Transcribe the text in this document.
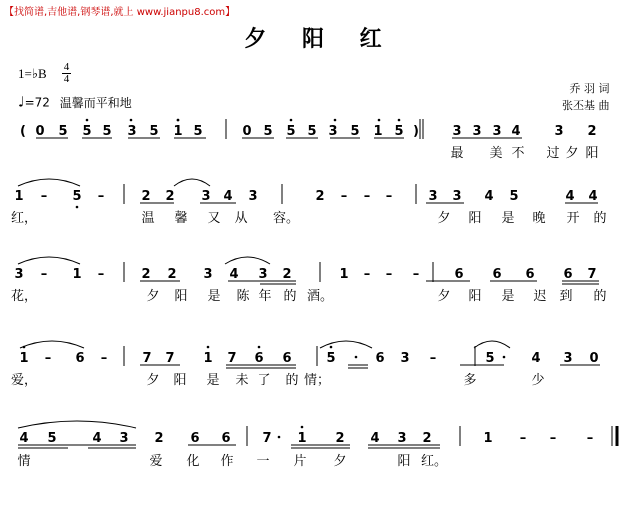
【找简谱,吉他谱,钢琴谱,就上 www.jianpu8.com】
夕 阳 红
1=♭B 4
4
♩=72 温馨而平和地
乔 羽 词
张丕基 曲
( 0 5 5 5 3 5 1 5	0 5 5 5 3 5 1 5 )	3 3 3 4	3 2
最 美 不 过 夕 阳
1 – 5 –	2 2 3 4 3	2 – – –	3 3 4 5	4 4
红，	温 馨 又 从 容。	夕 阳 是 晚 开 的
3 – 1 –	2 2 3 4 3 2	1 – – –	6 6 6 6 7
花，	夕 阳 是 陈 年 的 酒。	夕 阳 是 迟 到 的
1 – 6 –	7 7 1 7 6 6	5	6 3 –	5	4 3 0
爱，	夕 阳 是 未 了 的 情；	多	少
4 5	4 3 2 6 6 7 1 2 4 3 2	1 – – –
情	爱 化 作 一 片 夕	阳 红。
